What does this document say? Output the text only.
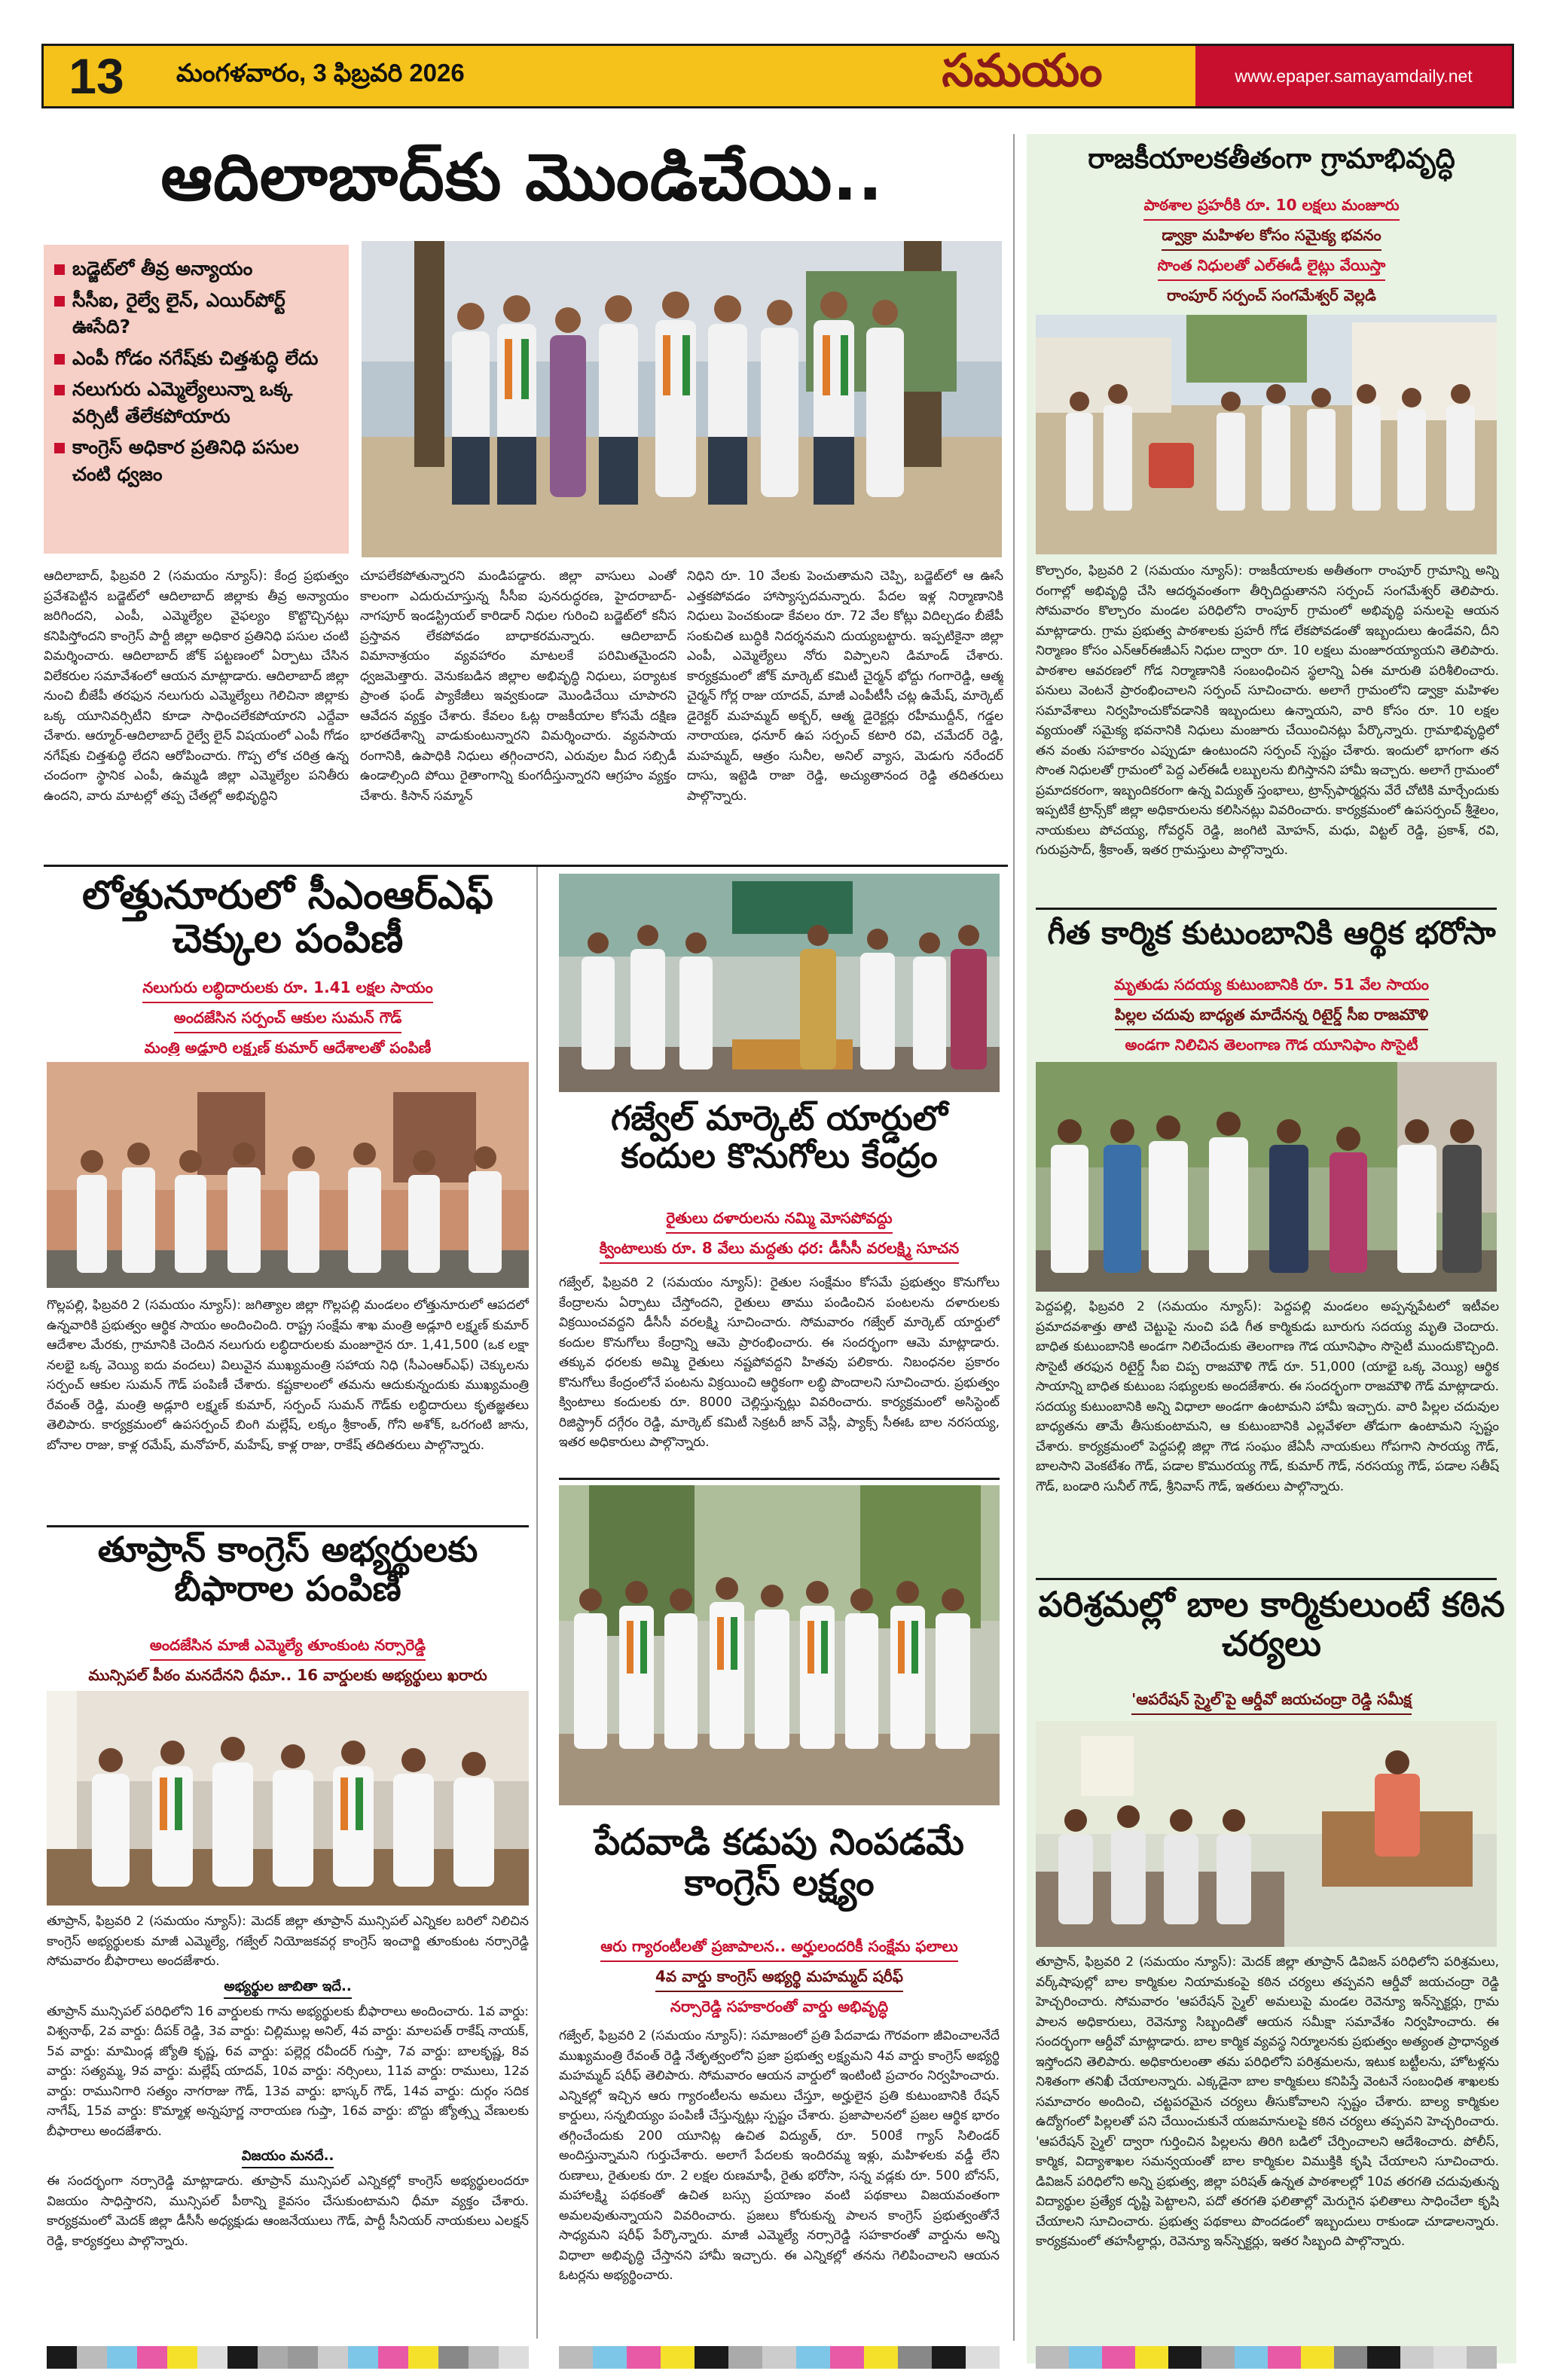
13	మంగళవారం, 3 ఫిబ్రవరి 2026	సమయం	www.epaper.samayamdaily.net
ఆదిలాబాద్‌కు మొండిచేయి..
బడ్జెట్‌లో తీవ్ర అన్యాయం
సీసీఐ, రైల్వే లైన్, ఎయిర్‌పోర్ట్ ఊసేది?
ఎంపీ గోడం నగేష్‌కు చిత్తశుద్ధి లేదు
నలుగురు ఎమ్మెల్యేలున్నా ఒక్క వర్సిటీ తేలేకపోయారు
కాంగ్రెస్ అధికార ప్రతినిధి పసుల చంటి ధ్వజం
ఆదిలాబాద్, ఫిబ్రవరి 2 (సమయం న్యూస్): కేంద్ర ప్రభుత్వం ప్రవేశపెట్టిన బడ్జెట్‌లో ఆదిలాబాద్ జిల్లాకు తీవ్ర అన్యాయం జరిగిందని, ఎంపీ, ఎమ్మెల్యేల వైఫల్యం కొట్టొచ్చినట్లు కనిపిస్తోందని కాంగ్రెస్ పార్టీ జిల్లా అధికార ప్రతినిధి పసుల చంటి విమర్శించారు. ఆదిలాబాద్ జోక్ పట్టణంలో ఏర్పాటు చేసిన విలేకరుల సమావేశంలో ఆయన మాట్లాడారు. ఆదిలాబాద్ జిల్లా నుంచి బీజేపీ తరఫున నలుగురు ఎమ్మెల్యేలు గెలిచినా జిల్లాకు ఒక్క యూనివర్సిటీని కూడా సాధించలేకపోయారని ఎద్దేవా చేశారు. ఆర్మూర్-ఆదిలాబాద్ రైల్వే లైన్ విషయంలో ఎంపీ గోడం నగేష్‌కు చిత్తశుద్ధి లేదని ఆరోపించారు. గొప్ప లోక చరిత్ర ఉన్న చందంగా స్థానిక ఎంపీ, ఉమ్మడి జిల్లా ఎమ్మెల్యేల పనితీరు ఉందని, వారు మాటల్లో తప్ప చేతల్లో అభివృద్ధిని
చూపలేకపోతున్నారని మండిపడ్డారు. జిల్లా వాసులు ఎంతో కాలంగా ఎదురుచూస్తున్న సీసీఐ పునరుద్ధరణ, హైదరాబాద్-నాగపూర్ ఇండస్ట్రియల్ కారిడార్ నిధుల గురించి బడ్జెట్‌లో కనీస ప్రస్తావన లేకపోవడం బాధాకరమన్నారు. ఆదిలాబాద్ విమానాశ్రయం వ్యవహారం మాటలకే పరిమితమైందని ధ్వజమెత్తారు. వెనుకబడిన జిల్లాల అభివృద్ధి నిధులు, పర్యాటక ప్రాంత ఫండ్ ప్యాకేజీలు ఇవ్వకుండా మొండిచేయి చూపారని ఆవేదన వ్యక్తం చేశారు. కేవలం ఓట్ల రాజకీయాల కోసమే దక్షిణ భారతదేశాన్ని వాడుకుంటున్నారని విమర్శించారు. వ్యవసాయ రంగానికి, ఉపాధికి నిధులు తగ్గించారని, ఎరువుల మీద సబ్సిడీ ఉండాల్సింది పోయి రైతాంగాన్ని కుంగదీస్తున్నారని ఆగ్రహం వ్యక్తం చేశారు. కిసాన్ సమ్మాన్
నిధిని రూ. 10 వేలకు పెంచుతామని చెప్పి, బడ్జెట్‌లో ఆ ఊసే ఎత్తకపోవడం హాస్యాస్పదమన్నారు. పేదల ఇళ్ల నిర్మాణానికి నిధులు పెంచకుండా కేవలం రూ. 72 వేల కోట్లు విదిల్చడం బీజేపీ సంకుచిత బుద్ధికి నిదర్శనమని దుయ్యబట్టారు. ఇప్పటికైనా జిల్లా ఎంపీ, ఎమ్మెల్యేలు నోరు విప్పాలని డిమాండ్ చేశారు. కార్యక్రమంలో జోక్ మార్కెట్ కమిటీ చైర్మన్ భోద్దు గంగారెడ్డి, ఆత్మ చైర్మన్ గోర్ల రాజు యాదవ్, మాజీ ఎంపీటీసీ చట్ల ఉమేష్, మార్కెట్ డైరెక్టర్ మహమ్మద్ అక్బర్, ఆత్మ డైరెక్టర్లు రహీముద్దీన్, గడ్డల నారాయణ, ధనూర్ ఉప సర్పంచ్ కటారి రవి, చమేదర్ రెడ్డి, మహమ్మద్, ఆత్రం సునీల, అనిల్ వ్యాస, మెడుగు నరేందర్ దాసు, ఇట్టెడి రాజా రెడ్డి, అచ్యుతానంద రెడ్డి తదితరులు పాల్గొన్నారు.
లోత్తునూరులో సీఎంఆర్ఎఫ్ చెక్కుల పంపిణీ
నలుగురు లబ్ధిదారులకు రూ. 1.41 లక్షల సాయం
అందజేసిన సర్పంచ్ ఆకుల సుమన్ గౌడ్
మంత్రి అడ్లూరి లక్ష్మణ్ కుమార్ ఆదేశాలతో పంపిణీ
గొల్లపల్లి, ఫిబ్రవరి 2 (సమయం న్యూస్): జగిత్యాల జిల్లా గొల్లపల్లి మండలం లోత్తునూరులో ఆపదలో ఉన్నవారికి ప్రభుత్వం ఆర్థిక సాయం అందించింది. రాష్ట్ర సంక్షేమ శాఖ మంత్రి అడ్లూరి లక్ష్మణ్ కుమార్ ఆదేశాల మేరకు, గ్రామానికి చెందిన నలుగురు లబ్ధిదారులకు మంజూరైన రూ. 1,41,500 (ఒక లక్షా నలభై ఒక్క వెయ్యి ఐదు వందలు) విలువైన ముఖ్యమంత్రి సహాయ నిధి (సీఎంఆర్ఎఫ్) చెక్కులను సర్పంచ్ ఆకుల సుమన్ గౌడ్ పంపిణీ చేశారు. కష్టకాలంలో తమను ఆదుకున్నందుకు ముఖ్యమంత్రి రేవంత్ రెడ్డి, మంత్రి అడ్లూరి లక్ష్మణ్ కుమార్, సర్పంచ్ సుమన్ గౌడ్‌కు లబ్ధిదారులు కృతజ్ఞతలు తెలిపారు. కార్యక్రమంలో ఉపసర్పంచ్ బింగి మల్లేష్, లక్కం శ్రీకాంత్, గోని అశోక్, ఒరగంటి జాను, బోనాల రాజు, కాళ్ల రమేష్, మనోహర్, మహేష్, కాళ్ల రాజు, రాకేష్ తదితరులు పాల్గొన్నారు.
తూప్రాన్ కాంగ్రెస్ అభ్యర్థులకు బీఫారాల పంపిణీ
అందజేసిన మాజీ ఎమ్మెల్యే తూంకుంట నర్సారెడ్డి
మున్సిపల్ పీఠం మనదేనని ధీమా.. 16 వార్డులకు అభ్యర్థులు ఖరారు
తూప్రాన్, ఫిబ్రవరి 2 (సమయం న్యూస్): మెదక్ జిల్లా తూప్రాన్ మున్సిపల్ ఎన్నికల బరిలో నిలిచిన కాంగ్రెస్ అభ్యర్థులకు మాజీ ఎమ్మెల్యే, గజ్వేల్ నియోజకవర్గ కాంగ్రెస్ ఇంచార్జి తూంకుంట నర్సారెడ్డి సోమవారం బీఫారాలు అందజేశారు.
అభ్యర్థుల జాబితా ఇదే..
తూప్రాన్ మున్సిపల్ పరిధిలోని 16 వార్డులకు గాను అభ్యర్థులకు బీఫారాలు అందించారు. 1వ వార్డు: విశ్వనాథ్, 2వ వార్డు: దీపక్ రెడ్డి, 3వ వార్డు: చిల్లిముల్ల అనిల్, 4వ వార్డు: మాలపత్ రాకేష్ నాయక్, 5వ వార్డు: మామిండ్ల జ్యోతి కృష్ణ, 6వ వార్డు: పల్లెర్ల రవీందర్ గుప్తా, 7వ వార్డు: బాలకృష్ణ, 8వ వార్డు: సత్యమ్మ, 9వ వార్డు: మల్లేష్ యాదవ్, 10వ వార్డు: నర్సింలు, 11వ వార్డు: రాములు, 12వ వార్డు: రామునిగారి సత్యం నాగరాజు గౌడ్, 13వ వార్డు: భాస్కర్ గౌడ్, 14వ వార్డు: దుర్గం సదిక నాగేష్, 15వ వార్డు: కొమ్మాళ్ల అన్నపూర్ణ నారాయణ గుప్తా, 16వ వార్డు: బొద్దు జ్యోత్స్న వేణులకు బీఫారాలు అందజేశారు.
విజయం మనదే..
ఈ సందర్భంగా నర్సారెడ్డి మాట్లాడారు. తూప్రాన్ మున్సిపల్ ఎన్నికల్లో కాంగ్రెస్ అభ్యర్థులందరూ విజయం సాధిస్తారని, మున్సిపల్ పీఠాన్ని కైవసం చేసుకుంటామని ధీమా వ్యక్తం చేశారు. కార్యక్రమంలో మెదక్ జిల్లా డీసీసీ అధ్యక్షుడు ఆంజనేయులు గౌడ్, పార్టీ సీనియర్ నాయకులు ఎలక్షన్ రెడ్డి, కార్యకర్తలు పాల్గొన్నారు.
గజ్వేల్ మార్కెట్ యార్డులో కందుల కొనుగోలు కేంద్రం
రైతులు దళారులను నమ్మి మోసపోవద్దు
క్వింటాలుకు రూ. 8 వేలు మద్దతు ధర: డీసీసీ వరలక్ష్మి సూచన
గజ్వేల్, ఫిబ్రవరి 2 (సమయం న్యూస్): రైతుల సంక్షేమం కోసమే ప్రభుత్వం కొనుగోలు కేంద్రాలను ఏర్పాటు చేస్తోందని, రైతులు తాము పండించిన పంటలను దళారులకు విక్రయించవద్దని డీసీసీ వరలక్ష్మి సూచించారు. సోమవారం గజ్వేల్ మార్కెట్ యార్డులో కందుల కొనుగోలు కేంద్రాన్ని ఆమె ప్రారంభించారు. ఈ సందర్భంగా ఆమె మాట్లాడారు. తక్కువ ధరలకు అమ్మి రైతులు నష్టపోవద్దని హితవు పలికారు. నిబంధనల ప్రకారం కొనుగోలు కేంద్రంలోనే పంటను విక్రయించి ఆర్థికంగా లబ్ధి పొందాలని సూచించారు. ప్రభుత్వం క్వింటాలు కందులకు రూ. 8000 చెల్లిస్తున్నట్లు వివరించారు. కార్యక్రమంలో అసిస్టెంట్ రిజిస్ట్రార్ దగ్గేరం రెడ్డి, మార్కెట్ కమిటీ సెక్రటరీ జాన్ వెస్లీ, ప్యాక్స్ సీఈఓ బాల నరసయ్య, ఇతర అధికారులు పాల్గొన్నారు.
పేదవాడి కడుపు నింపడమే కాంగ్రెస్ లక్ష్యం
ఆరు గ్యారంటీలతో ప్రజాపాలన.. అర్హులందరికీ సంక్షేమ ఫలాలు
4వ వార్డు కాంగ్రెస్ అభ్యర్థి మహమ్మద్ షరీఫ్
నర్సారెడ్డి సహకారంతో వార్డు అభివృద్ధి
గజ్వేల్, ఫిబ్రవరి 2 (సమయం న్యూస్): సమాజంలో ప్రతి పేదవాడు గౌరవంగా జీవించాలనేదే ముఖ్యమంత్రి రేవంత్ రెడ్డి నేతృత్వంలోని ప్రజా ప్రభుత్వ లక్ష్యమని 4వ వార్డు కాంగ్రెస్ అభ్యర్థి మహమ్మద్ షరీఫ్ తెలిపారు. సోమవారం ఆయన వార్డులో ఇంటింటి ప్రచారం నిర్వహించారు. ఎన్నికల్లో ఇచ్చిన ఆరు గ్యారంటీలను అమలు చేస్తూ, అర్హులైన ప్రతి కుటుంబానికి రేషన్ కార్డులు, సన్నబియ్యం పంపిణీ చేస్తున్నట్లు స్పష్టం చేశారు. ప్రజాపాలనలో ప్రజల ఆర్థిక భారం తగ్గించేందుకు 200 యూనిట్ల ఉచిత విద్యుత్, రూ. 500కే గ్యాస్ సిలిండర్ అందిస్తున్నామని గుర్తుచేశారు. అలాగే పేదలకు ఇందిరమ్మ ఇళ్లు, మహిళలకు వడ్డీ లేని రుణాలు, రైతులకు రూ. 2 లక్షల రుణమాఫీ, రైతు భరోసా, సన్న వడ్లకు రూ. 500 బోనస్, మహాలక్ష్మి పథకంతో ఉచిత బస్సు ప్రయాణం వంటి పథకాలు విజయవంతంగా అమలవుతున్నాయని వివరించారు. ప్రజలు కోరుకున్న పాలన కాంగ్రెస్ ప్రభుత్వంతోనే సాధ్యమని షరీఫ్ పేర్కొన్నారు. మాజీ ఎమ్మెల్యే నర్సారెడ్డి సహకారంతో వార్డును అన్ని విధాలా అభివృద్ధి చేస్తానని హామీ ఇచ్చారు. ఈ ఎన్నికల్లో తనను గెలిపించాలని ఆయన ఓటర్లను అభ్యర్థించారు.
రాజకీయాలకతీతంగా గ్రామాభివృద్ధి
పాఠశాల ప్రహరీకి రూ. 10 లక్షలు మంజూరు
డ్వాక్రా మహిళల కోసం సమైక్య భవనం
సొంత నిధులతో ఎల్ఈడీ లైట్లు వేయిస్తా
రాంపూర్ సర్పంచ్ సంగమేశ్వర్ వెల్లడి
కొల్చారం, ఫిబ్రవరి 2 (సమయం న్యూస్): రాజకీయాలకు అతీతంగా రాంపూర్ గ్రామాన్ని అన్ని రంగాల్లో అభివృద్ధి చేసి ఆదర్శవంతంగా తీర్చిదిద్దుతానని సర్పంచ్ సంగమేశ్వర్ తెలిపారు. సోమవారం కొల్చారం మండల పరిధిలోని రాంపూర్ గ్రామంలో అభివృద్ధి పనులపై ఆయన మాట్లాడారు. గ్రామ ప్రభుత్వ పాఠశాలకు ప్రహరీ గోడ లేకపోవడంతో ఇబ్బందులు ఉండేవని, దీని నిర్మాణం కోసం ఎన్ఆర్ఈజీఎస్ నిధుల ద్వారా రూ. 10 లక్షలు మంజూరయ్యాయని తెలిపారు. పాఠశాల ఆవరణలో గోడ నిర్మాణానికి సంబంధించిన స్థలాన్ని ఏఈ మారుతి పరిశీలించారు. పనులు వెంటనే ప్రారంభించాలని సర్పంచ్ సూచించారు. అలాగే గ్రామంలోని డ్వాక్రా మహిళల సమావేశాలు నిర్వహించుకోవడానికి ఇబ్బందులు ఉన్నాయని, వారి కోసం రూ. 10 లక్షల వ్యయంతో సమైక్య భవనానికి నిధులు మంజూరు చేయించినట్లు పేర్కొన్నారు. గ్రామాభివృద్ధిలో తన వంతు సహకారం ఎప్పుడూ ఉంటుందని సర్పంచ్ స్పష్టం చేశారు. ఇందులో భాగంగా తన సొంత నిధులతో గ్రామంలో పెద్ద ఎల్ఈడీ లబ్బులను బిగిస్తానని హామీ ఇచ్చారు. అలాగే గ్రామంలో ప్రమాదకరంగా, ఇబ్బందికరంగా ఉన్న విద్యుత్ స్తంభాలు, ట్రాన్స్‌ఫార్మర్లను వేరే చోటికి మార్చేందుకు ఇప్పటికే ట్రాన్స్‌కో జిల్లా అధికారులను కలిసినట్లు వివరించారు. కార్యక్రమంలో ఉపసర్పంచ్ శ్రీశైలం, నాయకులు పోచయ్య, గోవర్ధన్ రెడ్డి, జంగిటి మోహన్, మధు, విట్టల్ రెడ్డి, ప్రకాశ్, రవి, గురుప్రసాద్, శ్రీకాంత్, ఇతర గ్రామస్తులు పాల్గొన్నారు.
గీత కార్మిక కుటుంబానికి ఆర్థిక భరోసా
మృతుడు సదయ్య కుటుంబానికి రూ. 51 వేల సాయం
పిల్లల చదువు బాధ్యత మాదేనన్న రిటైర్డ్ సీఐ రాజమౌళి
అండగా నిలిచిన తెలంగాణ గౌడ యూనిఫాం సొసైటీ
పెద్దపల్లి, ఫిబ్రవరి 2 (సమయం న్యూస్): పెద్దపల్లి మండలం అప్పన్నపేటలో ఇటీవల ప్రమాదవశాత్తు తాటి చెట్టుపై నుంచి పడి గీత కార్మికుడు బూరుగు సదయ్య మృతి చెందారు. బాధిత కుటుంబానికి అండగా నిలిచేందుకు తెలంగాణ గౌడ యూనిఫాం సొసైటీ ముందుకొచ్చింది. సొసైటీ తరఫున రిటైర్డ్ సీఐ చిప్ప రాజమౌళి గౌడ్ రూ. 51,000 (యాభై ఒక్క వెయ్యి) ఆర్థిక సాయాన్ని బాధిత కుటుంబ సభ్యులకు అందజేశారు. ఈ సందర్భంగా రాజమౌళి గౌడ్ మాట్లాడారు. సదయ్య కుటుంబానికి అన్ని విధాలా అండగా ఉంటామని హామీ ఇచ్చారు. వారి పిల్లల చదువుల బాధ్యతను తామే తీసుకుంటామని, ఆ కుటుంబానికి ఎల్లవేళలా తోడుగా ఉంటామని స్పష్టం చేశారు. కార్యక్రమంలో పెద్దపల్లి జిల్లా గౌడ సంఘం జేఏసీ నాయకులు గోపగాని సారయ్య గౌడ్, బాలసాని వెంకటేశం గౌడ్, పడాల కొమురయ్య గౌడ్, కుమార్ గౌడ్, నరసయ్య గౌడ్, పడాల సతీష్ గౌడ్, బండారి సునీల్ గౌడ్, శ్రీనివాస్ గౌడ్, ఇతరులు పాల్గొన్నారు.
పరిశ్రమల్లో బాల కార్మికులుంటే కఠిన చర్యలు
'ఆపరేషన్ స్మైల్'పై ఆర్డీవో జయచంద్రా రెడ్డి సమీక్ష
తూప్రాన్, ఫిబ్రవరి 2 (సమయం న్యూస్): మెదక్ జిల్లా తూప్రాన్ డివిజన్ పరిధిలోని పరిశ్రమలు, వర్క్‌షాపుల్లో బాల కార్మికుల నియామకంపై కఠిన చర్యలు తప్పవని ఆర్డీవో జయచంద్రా రెడ్డి హెచ్చరించారు. సోమవారం 'ఆపరేషన్ స్మైల్' అమలుపై మండల రెవెన్యూ ఇన్‌స్పెక్టర్లు, గ్రామ పాలన అధికారులు, రెవెన్యూ సిబ్బందితో ఆయన సమీక్షా సమావేశం నిర్వహించారు. ఈ సందర్భంగా ఆర్డీవో మాట్లాడారు. బాల కార్మిక వ్యవస్థ నిర్మూలనకు ప్రభుత్వం అత్యంత ప్రాధాన్యత ఇస్తోందని తెలిపారు. అధికారులంతా తమ పరిధిలోని పరిశ్రమలను, ఇటుక బట్టీలను, హోటళ్లను నిశితంగా తనిఖీ చేయాలన్నారు. ఎక్కడైనా బాల కార్మికులు కనిపిస్తే వెంటనే సంబంధిత శాఖలకు సమాచారం అందించి, చట్టపరమైన చర్యలు తీసుకోవాలని స్పష్టం చేశారు. బాల్య కార్మికుల ఉద్యోగంలో పిల్లలతో పని చేయించుకునే యజమానులపై కఠిన చర్యలు తప్పవని హెచ్చరించారు. 'ఆపరేషన్ స్మైల్' ద్వారా గుర్తించిన పిల్లలను తిరిగి బడిలో చేర్పించాలని ఆదేశించారు. పోలీస్, కార్మిక, విద్యాశాఖల సమన్వయంతో బాల కార్మికుల విముక్తికి కృషి చేయాలని సూచించారు. డివిజన్ పరిధిలోని అన్ని ప్రభుత్వ, జిల్లా పరిషత్ ఉన్నత పాఠశాలల్లో 10వ తరగతి చదువుతున్న విద్యార్థుల ప్రత్యేక దృష్టి పెట్టాలని, పదో తరగతి ఫలితాల్లో మెరుగైన ఫలితాలు సాధించేలా కృషి చేయాలని సూచించారు. ప్రభుత్వ పథకాలు పొందడంలో ఇబ్బందులు రాకుండా చూడాలన్నారు. కార్యక్రమంలో తహసీల్దార్లు, రెవెన్యూ ఇన్‌స్పెక్టర్లు, ఇతర సిబ్బంది పాల్గొన్నారు.
